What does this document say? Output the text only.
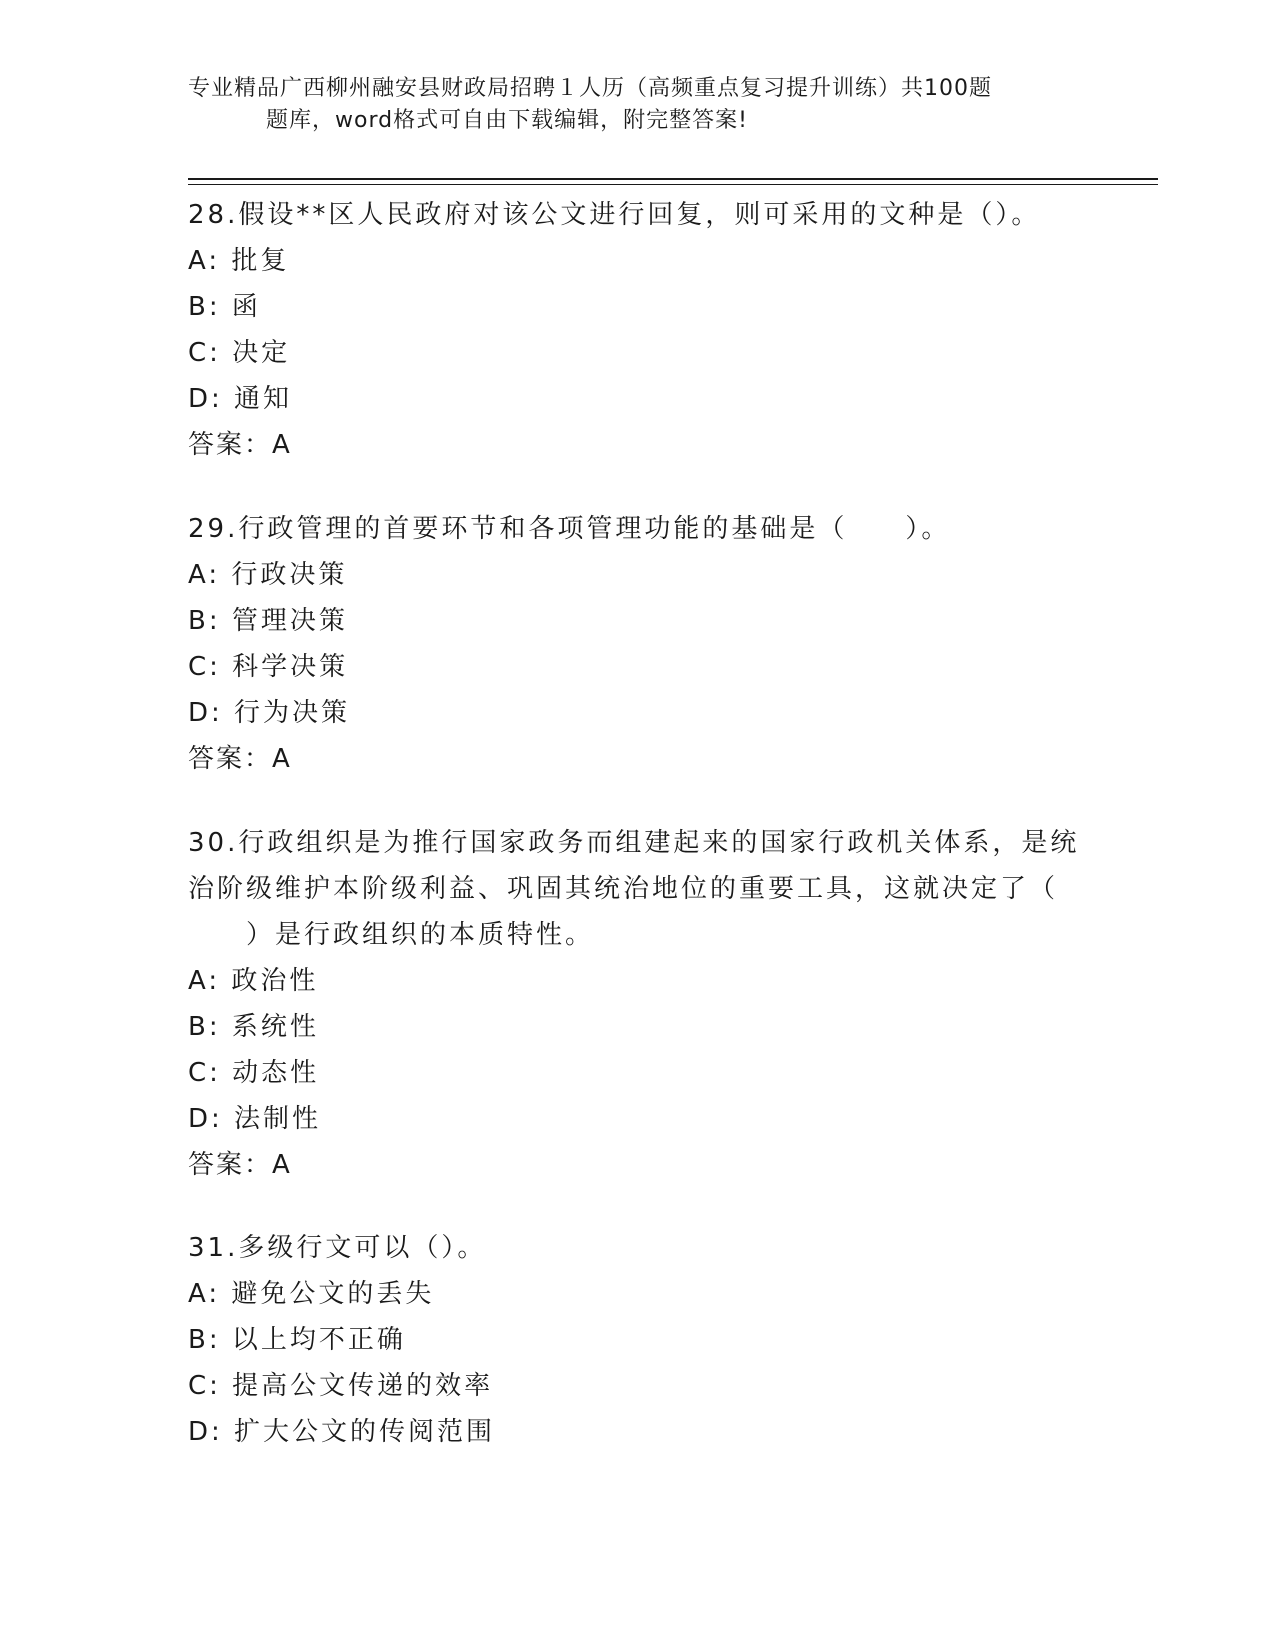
专业精品广西柳州融安县财政局招聘１人历（高频重点复习提升训练）共100题
题库，word格式可自由下载编辑，附完整答案!
28.假设**区人民政府对该公文进行回复，则可采用的文种是（）。
A: 批复
B: 函
C: 决定
D: 通知
答案：A
29.行政管理的首要环节和各项管理功能的基础是（　　）。
A: 行政决策
B: 管理决策
C: 科学决策
D: 行为决策
答案：A
30.行政组织是为推行国家政务而组建起来的国家行政机关体系，是统
治阶级维护本阶级利益、巩固其统治地位的重要工具，这就决定了（
　　）是行政组织的本质特性。
A: 政治性
B: 系统性
C: 动态性
D: 法制性
答案：A
31.多级行文可以（）。
A: 避免公文的丢失
B: 以上均不正确
C: 提高公文传递的效率
D: 扩大公文的传阅范围
